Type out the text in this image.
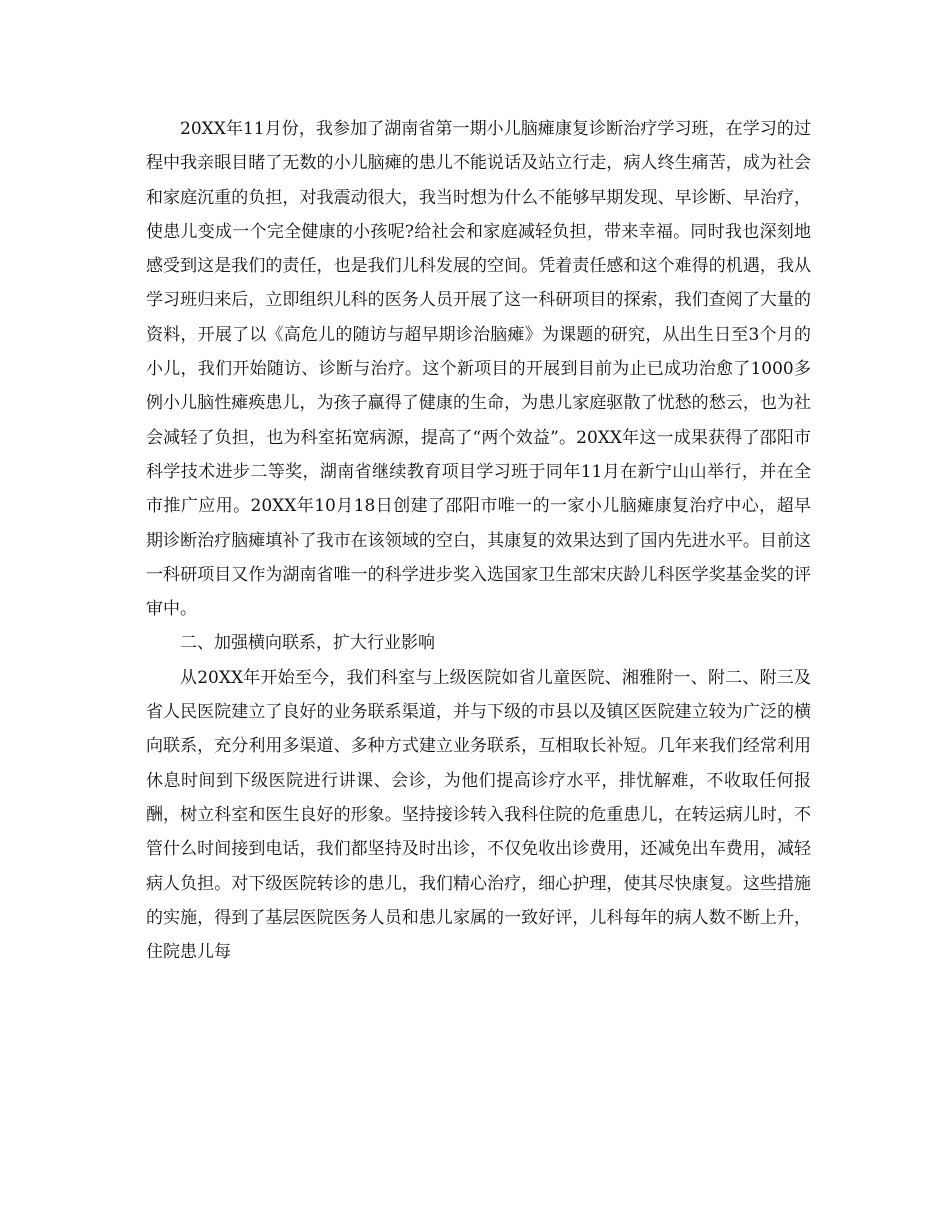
20XX年11月份，我参加了湖南省第一期小儿脑瘫康复诊断治疗学习班，在学习的过程中我亲眼目睹了无数的小儿脑瘫的患儿不能说话及站立行走，病人终生痛苦，成为社会和家庭沉重的负担，对我震动很大，我当时想为什么不能够早期发现、早诊断、早治疗，使患儿变成一个完全健康的小孩呢?给社会和家庭减轻负担，带来幸福。同时我也深刻地感受到这是我们的责任，也是我们儿科发展的空间。凭着责任感和这个难得的机遇，我从学习班归来后，立即组织儿科的医务人员开展了这一科研项目的探索，我们查阅了大量的资料，开展了以《高危儿的随访与超早期诊治脑瘫》为课题的研究，从出生日至3个月的小儿，我们开始随访、诊断与治疗。这个新项目的开展到目前为止已成功治愈了1000多例小儿脑性瘫痪患儿，为孩子赢得了健康的生命，为患儿家庭驱散了忧愁的愁云，也为社会减轻了负担，也为科室拓宽病源，提高了“两个效益”。20XX年这一成果获得了邵阳市科学技术进步二等奖，湖南省继续教育项目学习班于同年11月在新宁山山举行，并在全市推广应用。20XX年10月18日创建了邵阳市唯一的一家小儿脑瘫康复治疗中心，超早期诊断治疗脑瘫填补了我市在该领域的空白，其康复的效果达到了国内先进水平。目前这一科研项目又作为湖南省唯一的科学进步奖入选国家卫生部宋庆龄儿科医学奖基金奖的评审中。

二、加强横向联系，扩大行业影响

从20XX年开始至今，我们科室与上级医院如省儿童医院、湘雅附一、附二、附三及省人民医院建立了良好的业务联系渠道，并与下级的市县以及镇区医院建立较为广泛的横向联系，充分利用多渠道、多种方式建立业务联系，互相取长补短。几年来我们经常利用休息时间到下级医院进行讲课、会诊，为他们提高诊疗水平，排忧解难，不收取任何报酬，树立科室和医生良好的形象。坚持接诊转入我科住院的危重患儿，在转运病儿时，不管什么时间接到电话，我们都坚持及时出诊，不仅免收出诊费用，还减免出车费用，减轻病人负担。对下级医院转诊的患儿，我们精心治疗，细心护理，使其尽快康复。这些措施的实施，得到了基层医院医务人员和患儿家属的一致好评，儿科每年的病人数不断上升，住院患儿每
